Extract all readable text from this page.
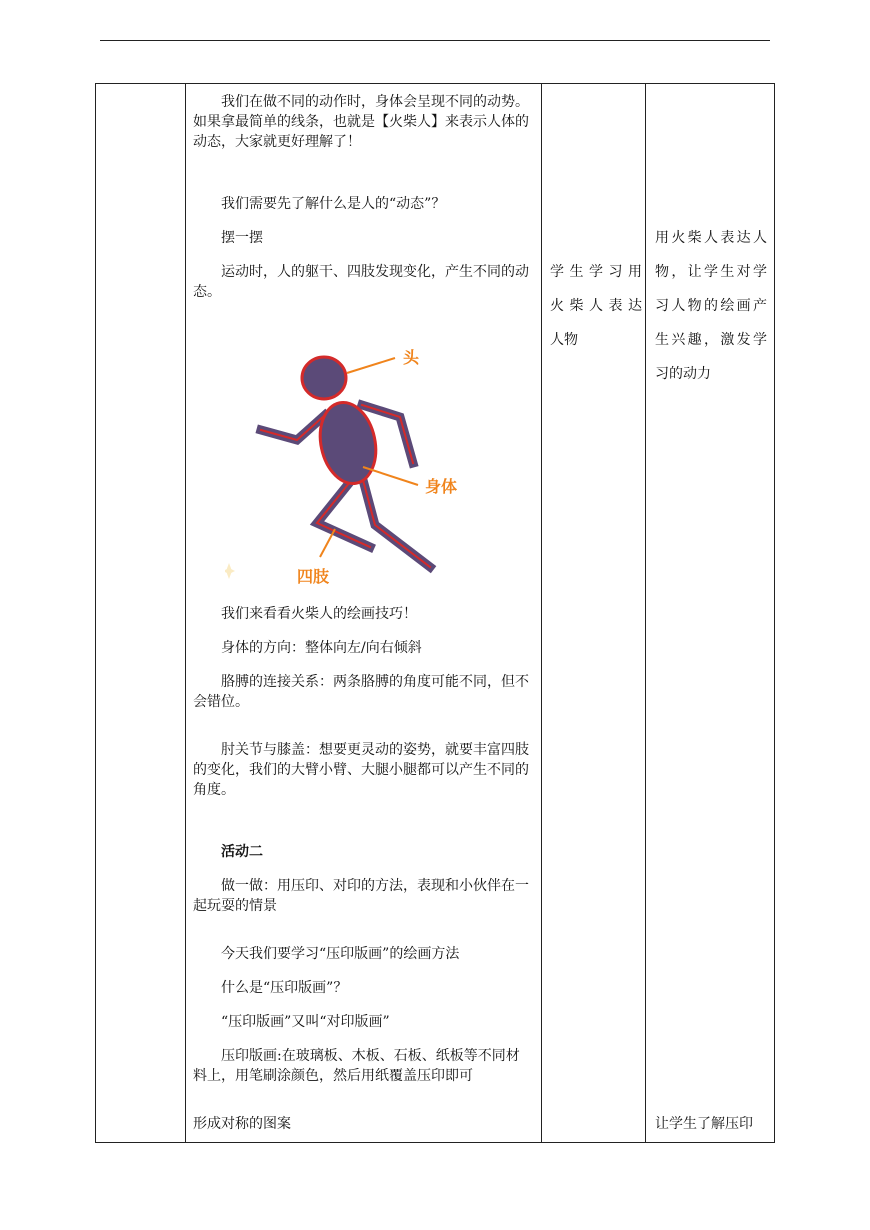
我们在做不同的动作时，身体会呈现不同的动势。如果拿最简单的线条，也就是【火柴人】来表示人体的动态，大家就更好理解了！

我们需要先了解什么是人的“动态”？

摆一摆

运动时，人的躯干、四肢发现变化，产生不同的动态。

我们来看看火柴人的绘画技巧！

身体的方向：整体向左/向右倾斜

胳膊的连接关系：两条胳膊的角度可能不同，但不会错位。

肘关节与膝盖：想要更灵动的姿势，就要丰富四肢的变化，我们的大臂小臂、大腿小腿都可以产生不同的角度。

活动二

做一做：用压印、对印的方法，表现和小伙伴在一起玩耍的情景

今天我们要学习“压印版画”的绘画方法

什么是“压印版画”？

“压印版画”又叫“对印版画”

压印版画:在玻璃板、木板、石板、纸板等不同材料上，用笔刷涂颜色，然后用纸覆盖压印即可

形成对称的图案

学生学习用
火柴人表达
人物
用火柴人表达人
物，让学生对学
习人物的绘画产
生兴趣，激发学
习的动力
让学生了解压印
头
身体
四肢
